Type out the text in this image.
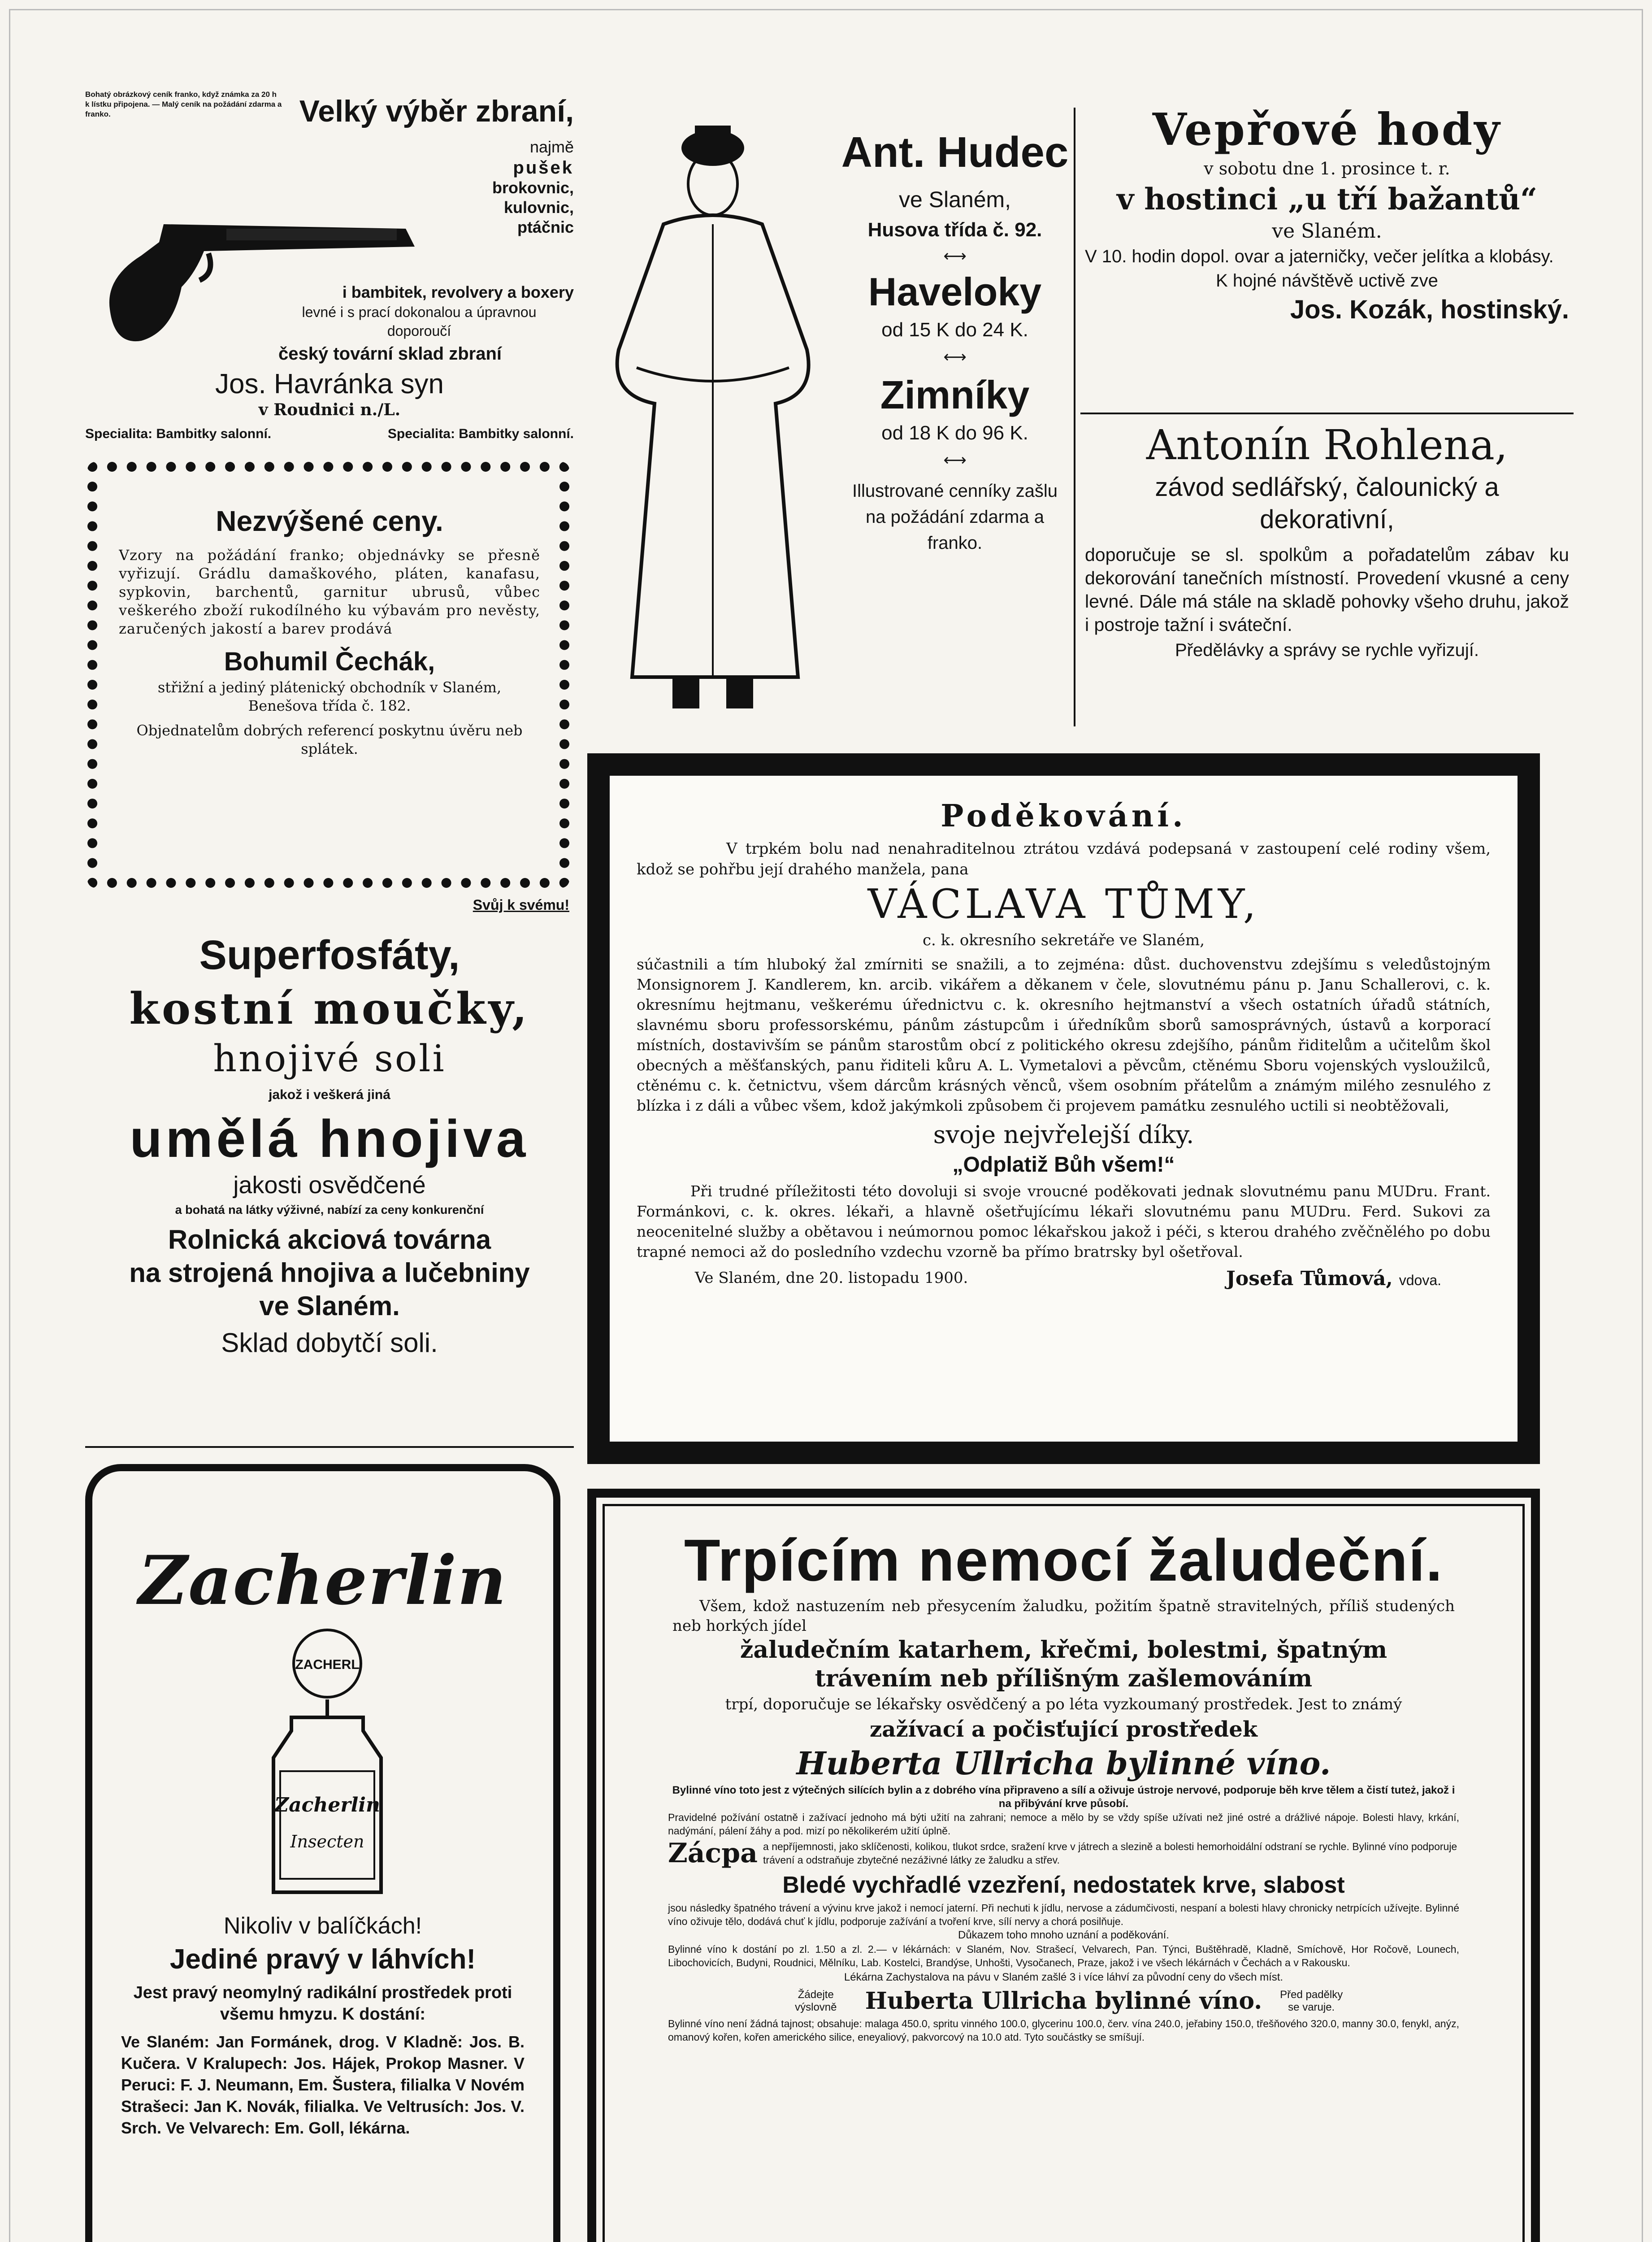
Bohatý obrázkový ceník franko, když známka za 20 h k lístku připojena. — Malý ceník na požádání zdarma a franko.	Velký výběr zbraní,

najmě

pušek

brokovnic,

kulovnic,

ptáčnic

i bambitek, revolvery a boxery

levné i s prací dokonalou a úpravnou doporoučí

český tovární sklad zbraní

Jos. Havránka syn

v Roudnici n./L.

Specialita: Bambitky salonní.	Specialita: Bambitky salonní.

Nezvýšené ceny.

Vzory na požádání franko; objednávky se přesně vyřizují. Grádlu damaškového, pláten, kanafasu, sypkovin, barchentů, garnitur ubrusů, vůbec veškerého zboží rukodílného ku výbavám pro nevěsty, zaručených jakostí a barev prodává

Bohumil Čechák,

střižní a jediný plátenický obchodník v Slaném, Benešova třída č. 182.

Objednatelům dobrých referencí poskytnu úvěru neb splátek.

Svůj k svému!

Superfosfáty,

kostní moučky,

hnojivé soli

jakož i veškerá jiná

umělá hnojiva

jakosti osvědčené

a bohatá na látky výživné, nabízí za ceny konkurenční

Rolnická akciová továrna

na strojená hnojiva a lučebniny

ve Slaném.

Sklad dobytčí soli.

Zacherlin

ZACHERL
Zacherlin
Insecten

Nikoliv v balíčkách!

Jediné pravý v láhvích!

Jest pravý neomylný radikální prostředek proti všemu hmyzu. K dostání:

Ve Slaném: Jan Formánek, drog. V Kladně: Jos. B. Kučera. V Kralupech: Jos. Hájek, Prokop Masner. V Peruci: F. J. Neumann, Em. Šustera, filialka V Novém Strašeci: Jan K. Novák, filialka. Ve Veltrusích: Jos. V. Srch. Ve Velvarech: Em. Goll, lékárna.

Ant. Hudec

ve Slaném,

Husova třída č. 92.

⟷

Haveloky

od 15 K do 24 K.

⟷

Zimníky

od 18 K do 96 K.

⟷

Illustrované cenníky zašlu na požádání zdarma a franko.

Vepřové hody

v sobotu dne 1. prosince t. r.

v hostinci „u tří bažantů“

ve Slaném.

V 10. hodin dopol. ovar a jaterničky, večer jelítka a klobásy.

K hojné návštěvě uctivě zve

Jos. Kozák, hostinský.

Antonín Rohlena,

závod sedlářský, čalounický a dekorativní,

doporučuje se sl. spolkům a pořadatelům zábav ku dekorování tanečních místností. Provedení vkusné a ceny levné. Dále má stále na skladě pohovky všeho druhu, jakož i postroje tažní i sváteční.

Předělávky a správy se rychle vyřizují.

Poděkování.

V trpkém bolu nad nenahraditelnou ztrátou vzdává podepsaná v zastoupení celé rodiny všem, kdož se pohřbu její drahého manžela, pana

VÁCLAVA TŮMY,

c. k. okresního sekretáře ve Slaném,

súčastnili a tím hluboký žal zmírniti se snažili, a to zejména: důst. duchovenstvu zdejšímu s veledůstojným Monsignorem J. Kandlerem, kn. arcib. vikářem a děkanem v čele, slovutnému pánu p. Janu Schallerovi, c. k. okresnímu hejtmanu, veškerému úřednictvu c. k. okresního hejtmanství a všech ostatních úřadů státních, slavnému sboru professorskému, pánům zástupcům i úředníkům sborů samosprávných, ústavů a korporací místních, dostavivším se pánům starostům obcí z politického okresu zdejšího, pánům řiditelům a učitelům škol obecných a měšťanských, panu řiditeli kůru A. L. Vymetalovi a pěvcům, ctěnému Sboru vojenských vysloužilců, ctěnému c. k. četnictvu, všem dárcům krásných věnců, všem osobním přátelům a známým milého zesnulého z blízka i z dáli a vůbec všem, kdož jakýmkoli způsobem či projevem památku zesnulého uctili si neobtěžovali,

svoje nejvřelejší díky.

„Odplatiž Bůh všem!“

Při trudné příležitosti této dovoluji si svoje vroucné poděkovati jednak slovutnému panu MUDru. Frant. Formánkovi, c. k. okres. lékaři, a hlavně ošetřujícímu lékaři slovutnému panu MUDru. Ferd. Sukovi za neocenitelné služby a obětavou i neúmornou pomoc lékařskou jakož i péči, s kterou drahého zvěčnělého po dobu trapné nemoci až do posledního vzdechu vzorně ba přímo bratrsky byl ošetřoval.

Ve Slaném, dne 20. listopadu 1900.	Josefa Tůmová, vdova.

Trpícím nemocí žaludeční.

Všem, kdož nastuzením neb přesycením žaludku, požitím špatně stravitelných, příliš studených neb horkých jídel

žaludečním katarhem, křečmi, bolestmi, špatným trávením neb přílišným zašlemováním

trpí, doporučuje se lékařsky osvědčený a po léta vyzkoumaný prostředek. Jest to známý

zažívací a počisťující prostředek

Huberta Ullricha bylinné víno.

Bylinné víno toto jest z výtečných silících bylin a z dobrého vína připraveno a sílí a oživuje ústroje nervové, podporuje běh krve tělem a čistí tuteż, jakož i na přibývání krve působí.

Pravidelné požívání ostatně i zažívací jednoho má býti užití na zahrani; nemoce a mělo by se vždy spíše užívati než jiné ostré a drážlivé nápoje. Bolesti hlavy, krkání, nadýmání, pálení žáhy a pod. mizí po několikerém užití úplně.

Zácpa a nepříjemnosti, jako sklíčenosti, kolikou, tlukot srdce, sražení krve v játrech a slezině a bolesti hemorhoidální odstraní se rychle. Bylinné víno podporuje trávení a odstraňuje zbytečné nezáživné látky ze žaludku a střev.

Bledé vychřadlé vzezření, nedostatek krve, slabost

jsou následky špatného trávení a vývinu krve jakož i nemocí jaterní. Při nechuti k jídlu, nervose a zádumčivosti, nespaní a bolesti hlavy chronicky netrpících užívejte. Bylinné víno oživuje tělo, dodává chuť k jídlu, podporuje zažívání a tvoření krve, sílí nervy a chorá posilňuje.

Důkazem toho mnoho uznání a poděkování.

Bylinné víno k dostání po zl. 1.50 a zl. 2.— v lékárnách: v Slaném, Nov. Strašecí, Velvarech, Pan. Týnci, Buštěhradě, Kladně, Smíchově, Hor Ročově, Lounech, Libochovicích, Budyni, Roudnici, Mělníku, Lab. Kostelci, Brandýse, Unhošti, Vysočanech, Praze, jakož i ve všech lékárnách v Čechách a v Rakousku.

Lékárna Zachystalova na pávu v Slaném zašlé 3 i více láhví za původní ceny do všech míst.

Žádejte výslovně	Huberta Ullricha bylinné víno.	Před padělky se varuje.

Bylinné víno není žádná tajnost; obsahuje: malaga 450.0, spritu vinného 100.0, glycerinu 100.0, červ. vína 240.0, jeřabiny 150.0, třešňového 320.0, manny 30.0, fenykl, anýz, omanový kořen, kořen amerického silice, eneyaliový, pakvorcový na 10.0 atd. Tyto součástky se smíšují.
